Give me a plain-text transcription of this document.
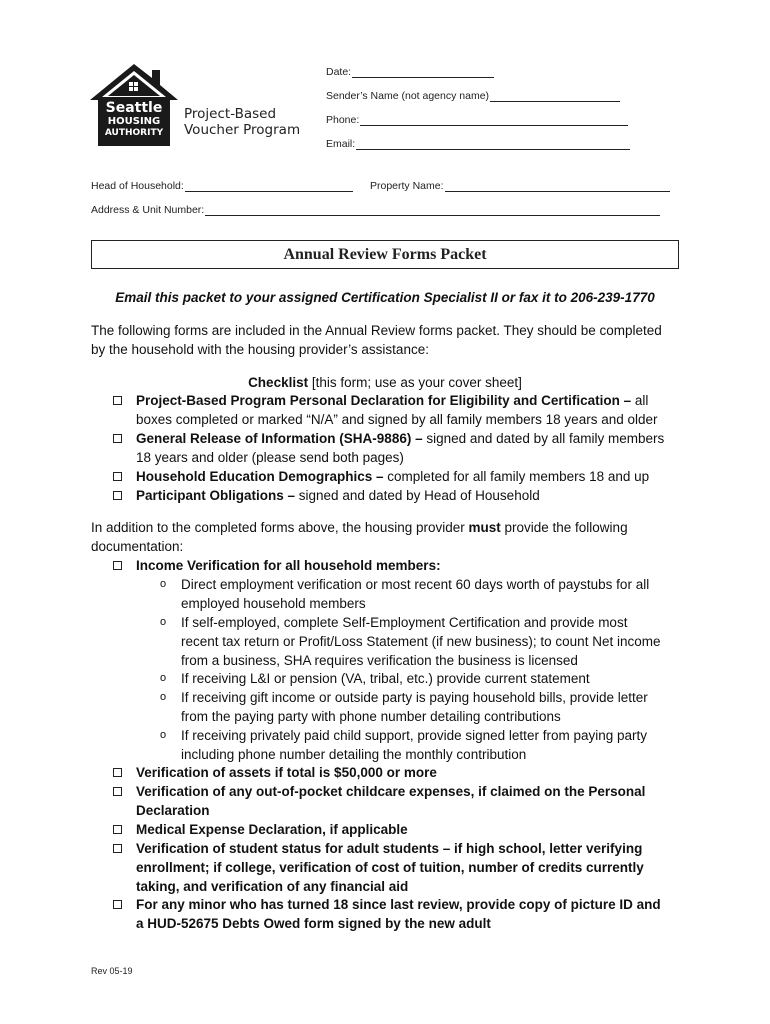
Seattle
HOUSING
AUTHORITY
Project-Based
Voucher Program
Date:
Sender’s Name (not agency name)
Phone:
Email:
Head of Household:	Property Name:
Address & Unit Number:
Annual Review Forms Packet
Email this packet to your assigned Certification Specialist II or fax it to 206-239-1770
The following forms are included in the Annual Review forms packet. They should be completed
by the household with the housing provider’s assistance:
Checklist [this form; use as your cover sheet]
Project-Based Program Personal Declaration for Eligibility and Certification – all
boxes completed or marked “N/A” and signed by all family members 18 years and older
General Release of Information (SHA-9886) – signed and dated by all family members
18 years and older (please send both pages)
Household Education Demographics – completed for all family members 18 and up
Participant Obligations – signed and dated by Head of Household
In addition to the completed forms above, the housing provider must provide the following
documentation:
Income Verification for all household members:
o Direct employment verification or most recent 60 days worth of paystubs for all
employed household members
o If self-employed, complete Self-Employment Certification and provide most
recent tax return or Profit/Loss Statement (if new business); to count Net income
from a business, SHA requires verification the business is licensed
o If receiving L&I or pension (VA, tribal, etc.) provide current statement
o If receiving gift income or outside party is paying household bills, provide letter
from the paying party with phone number detailing contributions
o If receiving privately paid child support, provide signed letter from paying party
including phone number detailing the monthly contribution
Verification of assets if total is $50,000 or more
Verification of any out-of-pocket childcare expenses, if claimed on the Personal
Declaration
Medical Expense Declaration, if applicable
Verification of student status for adult students – if high school, letter verifying
enrollment; if college, verification of cost of tuition, number of credits currently
taking, and verification of any financial aid
For any minor who has turned 18 since last review, provide copy of picture ID and
a HUD-52675 Debts Owed form signed by the new adult
Rev 05-19
